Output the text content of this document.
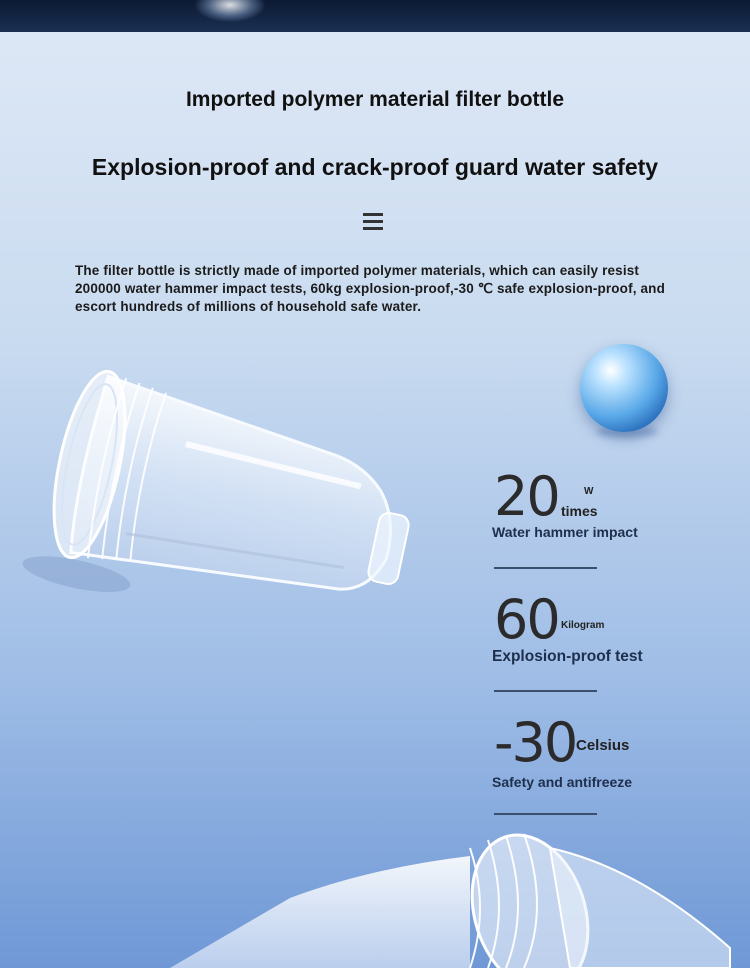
Imported polymer material filter bottle
Explosion-proof and crack-proof guard water safety
The filter bottle is strictly made of imported polymer materials, which can easily resist 200000 water hammer impact tests, 60kg explosion-proof,-30 ℃ safe explosion-proof, and escort hundreds of millions of household safe water.
20	W
times
Water hammer impact
60 Kilogram
Explosion-proof test
-30 Celsius
Safety and antifreeze
